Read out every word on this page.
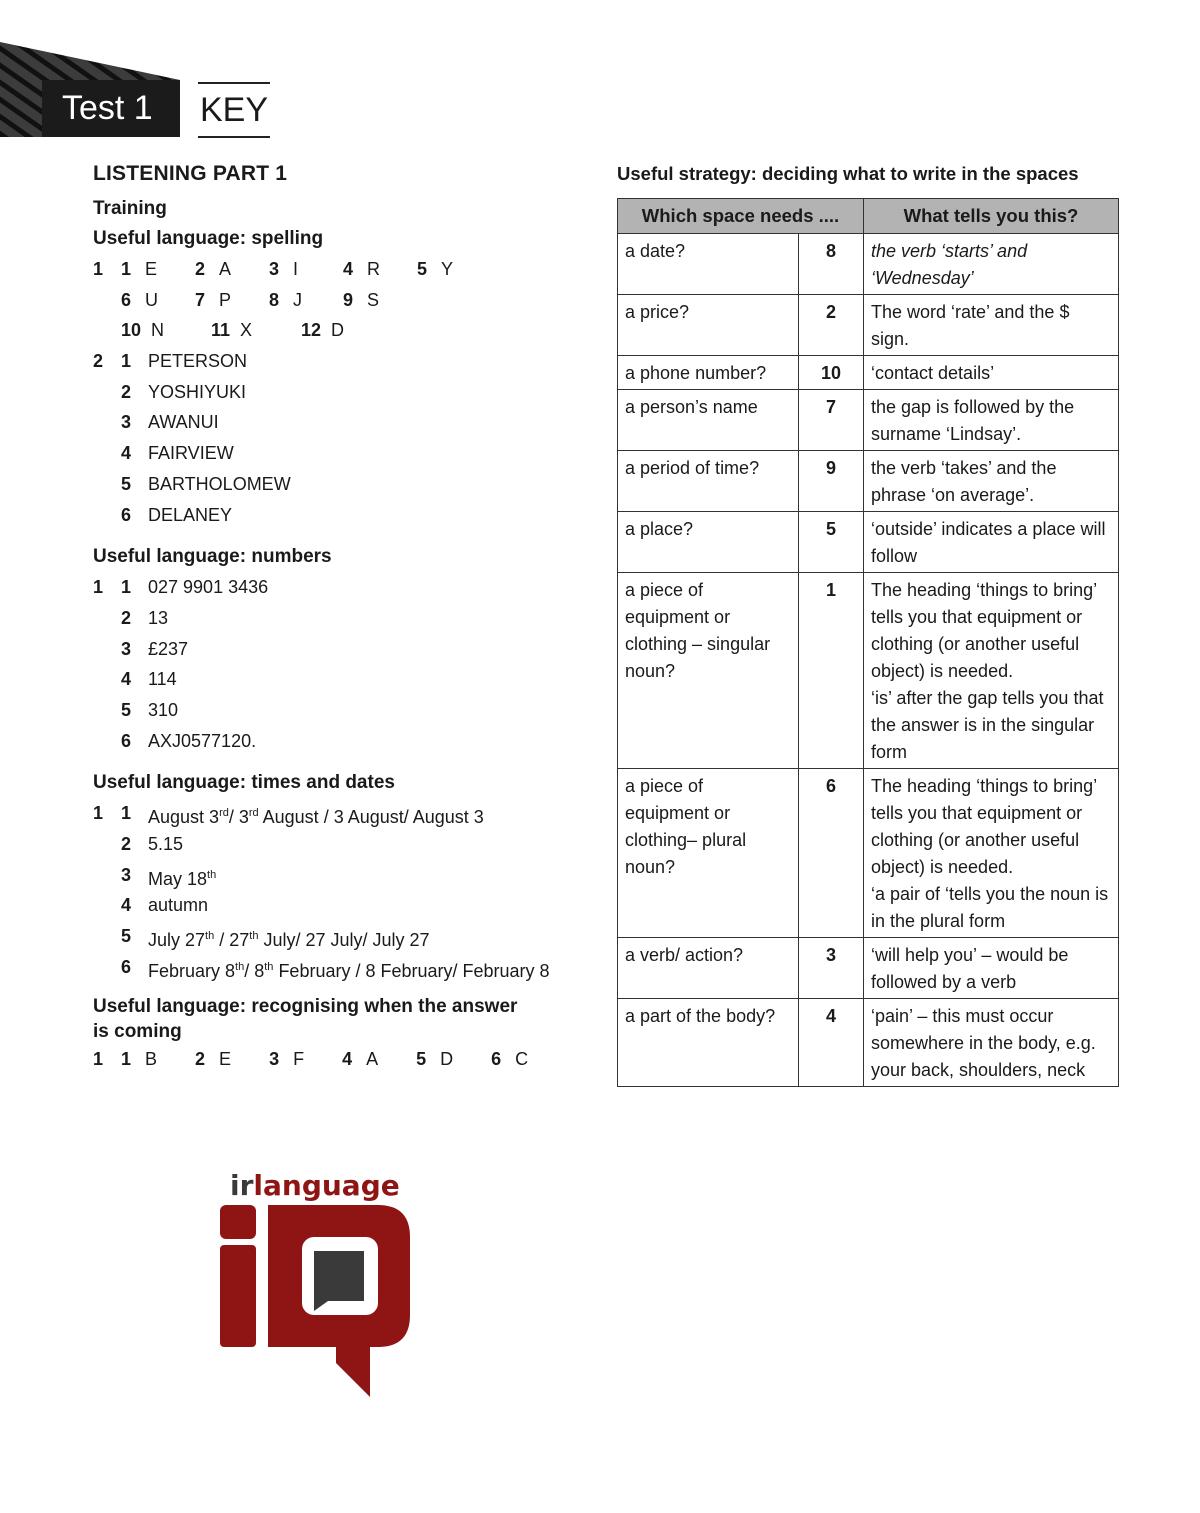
Test 1 KEY
LISTENING PART 1
Training
Useful language: spelling
1 1 E 2 A 3 I 4 R 5 Y
6 U 7 P 8 J 9 S
10 N	11 X	12 D
2 1 PETERSON
2 YOSHIYUKI
3 AWANUI
4 FAIRVIEW
5 BARTHOLOMEW
6 DELANEY
Useful language: numbers
1 1 027 9901 3436
2 13
3 £237
4 114
5 310
6 AXJ0577120.
Useful language: times and dates
1 1 August 3rd/ 3rd August / 3 August/ August 3
2 5.15
3 May 18th
4 autumn
5 July 27th / 27th July/ 27 July/ July 27
6 February 8th/ 8th February / 8 February/ February 8
Useful language: recognising when the answer
is coming
1 1 B 2 E 3 F 4 A 5 D 6 C
Useful strategy: deciding what to write in the spaces
Which space needs ....		What tells you this?
a date?	8	the verb ‘starts’ and ‘Wednesday’

a price?	2	The word ‘rate’ and the $ sign.

a phone number?	10	‘contact details’

a person’s name	7	the gap is followed by the surname ‘Lindsay’.

a period of time?	9	the verb ‘takes’ and the phrase ‘on average’.

a place?	5	‘outside’ indicates a place will follow

a piece of equipment or clothing – singular noun?	1	The heading ‘things to bring’ tells you that equipment or clothing (or another useful object) is needed.
‘is’ after the gap tells you that the answer is in the singular form

a piece of equipment or clothing– plural noun?	6	The heading ‘things to bring’ tells you that equipment or clothing (or another useful object) is needed.
‘a pair of ‘tells you the noun is in the plural form

a verb/ action?	3	‘will help you’ – would be followed by a verb

a part of the body?	4	‘pain’ – this must occur somewhere in the body, e.g. your back, shoulders, neck
irlanguage
